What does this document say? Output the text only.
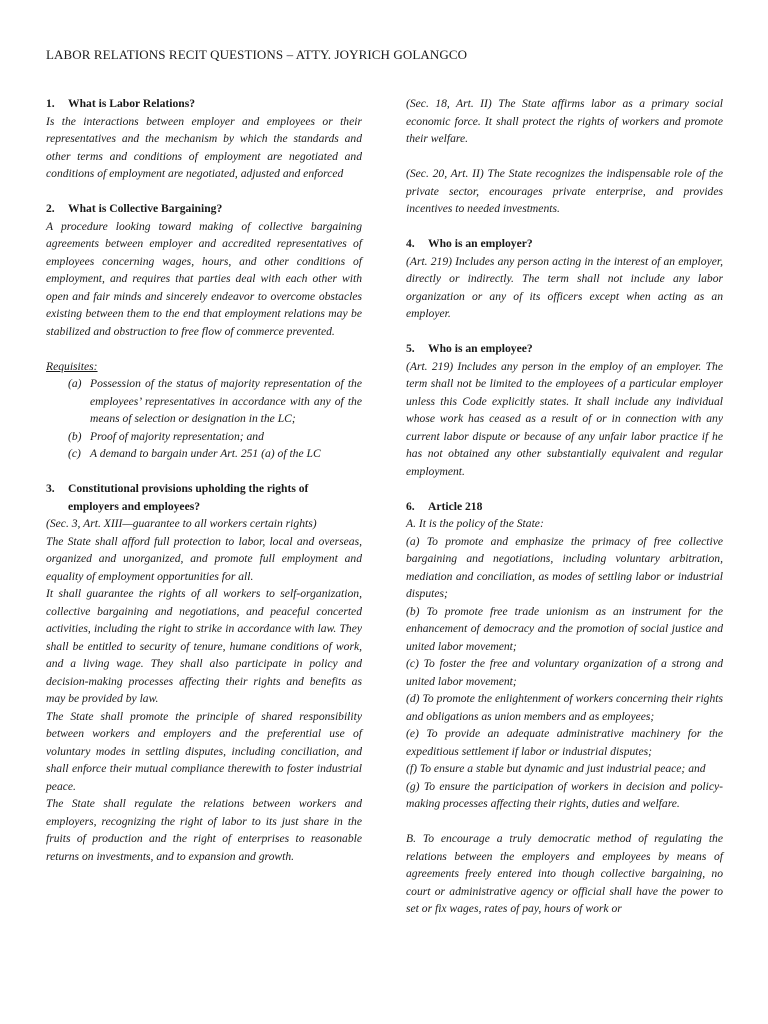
LABOR RELATIONS RECIT QUESTIONS – ATTY. JOYRICH GOLANGCO
1.	What is Labor Relations?

Is the interactions between employer and employees or their representatives and the mechanism by which the standards and other terms and conditions of employment are negotiated and conditions of employment are negotiated, adjusted and enforced

2.	What is Collective Bargaining?

A procedure looking toward making of collective bargaining agreements between employer and accredited representatives of employees concerning wages, hours, and other conditions of employment, and requires that parties deal with each other with open and fair minds and sincerely endeavor to overcome obstacles existing between them to the end that employment relations may be stabilized and obstruction to free flow of commerce prevented.

Requisites:

(a) Possession of the status of majority representation of the employees’ representatives in accordance with any of the means of selection or designation in the LC;
(b) Proof of majority representation; and
(c) A demand to bargain under Art. 251 (a) of the LC
3.	Constitutional provisions upholding the rights of employers and employees?

(Sec. 3, Art. XIII—guarantee to all workers certain rights)

The State shall afford full protection to labor, local and overseas, organized and unorganized, and promote full employment and equality of employment opportunities for all.

It shall guarantee the rights of all workers to self-organization, collective bargaining and negotiations, and peaceful concerted activities, including the right to strike in accordance with law. They shall be entitled to security of tenure, humane conditions of work, and a living wage. They shall also participate in policy and decision-making processes affecting their rights and benefits as may be provided by law.

The State shall promote the principle of shared responsibility between workers and employers and the preferential use of voluntary modes in settling disputes, including conciliation, and shall enforce their mutual compliance therewith to foster industrial peace.

The State shall regulate the relations between workers and employers, recognizing the right of labor to its just share in the fruits of production and the right of enterprises to reasonable returns on investments, and to expansion and growth.

(Sec. 18, Art. II) The State affirms labor as a primary social economic force. It shall protect the rights of workers and promote their welfare.

(Sec. 20, Art. II) The State recognizes the indispensable role of the private sector, encourages private enterprise, and provides incentives to needed investments.

4.	Who is an employer?

(Art. 219) Includes any person acting in the interest of an employer, directly or indirectly. The term shall not include any labor organization or any of its officers except when acting as an employer.

5.	Who is an employee?

(Art. 219) Includes any person in the employ of an employer. The term shall not be limited to the employees of a particular employer unless this Code explicitly states. It shall include any individual whose work has ceased as a result of or in connection with any current labor dispute or because of any unfair labor practice if he has not obtained any other substantially equivalent and regular employment.

6.	Article 218

A. It is the policy of the State:

(a) To promote and emphasize the primacy of free collective bargaining and negotiations, including voluntary arbitration, mediation and conciliation, as modes of settling labor or industrial disputes;

(b) To promote free trade unionism as an instrument for the enhancement of democracy and the promotion of social justice and united labor movement;

(c) To foster the free and voluntary organization of a strong and united labor movement;

(d) To promote the enlightenment of workers concerning their rights and obligations as union members and as employees;

(e) To provide an adequate administrative machinery for the expeditious settlement if labor or industrial disputes;

(f) To ensure a stable but dynamic and just industrial peace; and

(g) To ensure the participation of workers in decision and policy-making processes affecting their rights, duties and welfare.

B. To encourage a truly democratic method of regulating the relations between the employers and employees by means of agreements freely entered into though collective bargaining, no court or administrative agency or official shall have the power to set or fix wages, rates of pay, hours of work or
